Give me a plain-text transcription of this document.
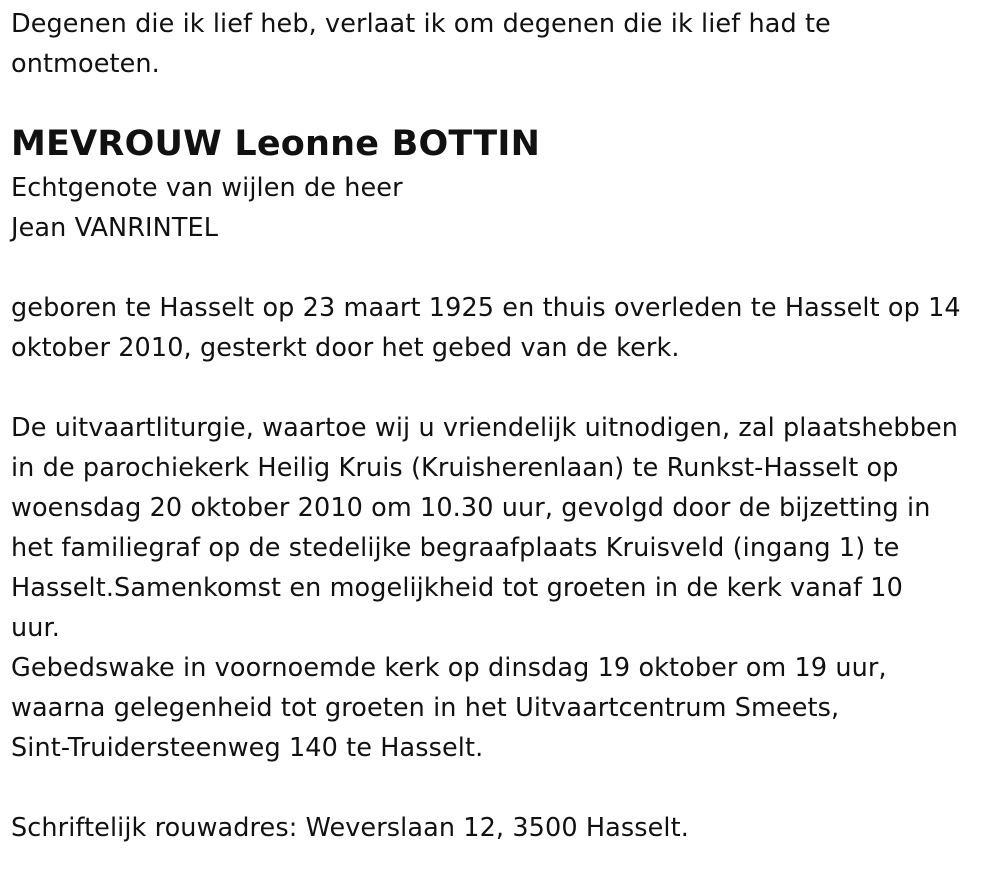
Degenen die ik lief heb, verlaat ik om degenen die ik lief had te
ontmoeten.

MEVROUW Leonne BOTTIN

Echtgenote van wijlen de heer
Jean VANRINTEL

geboren te Hasselt op 23 maart 1925 en thuis overleden te Hasselt op 14
oktober 2010, gesterkt door het gebed van de kerk.

De uitvaartliturgie, waartoe wij u vriendelijk uitnodigen, zal plaatshebben
in de parochiekerk Heilig Kruis (Kruisherenlaan) te Runkst-Hasselt op
woensdag 20 oktober 2010 om 10.30 uur, gevolgd door de bijzetting in
het familiegraf op de stedelijke begraafplaats Kruisveld (ingang 1) te
Hasselt.Samenkomst en mogelijkheid tot groeten in de kerk vanaf 10
uur.
Gebedswake in voornoemde kerk op dinsdag 19 oktober om 19 uur,
waarna gelegenheid tot groeten in het Uitvaartcentrum Smeets,
Sint-Truidersteenweg 140 te Hasselt.

Schriftelijk rouwadres: Weverslaan 12, 3500 Hasselt.
